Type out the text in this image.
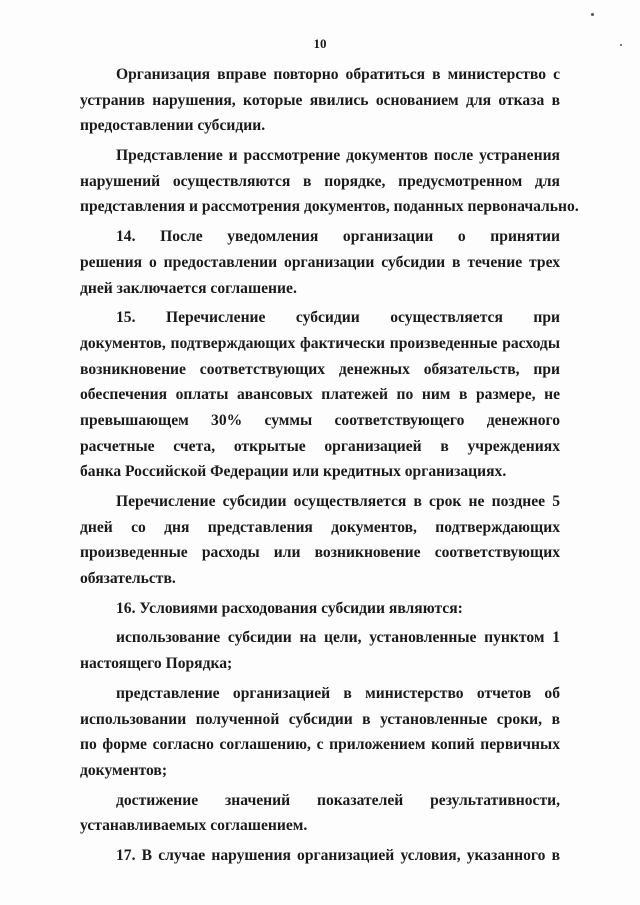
10
Организация вправе повторно обратиться в министерство с
устранив нарушения, которые явились основанием для отказа в
предоставлении субсидии.
Представление и рассмотрение документов после устранения
нарушений осуществляются в порядке, предусмотренном для
представления и рассмотрения документов, поданных первоначально.
14. После уведомления организации о принятии
решения о предоставлении организации субсидии в течение трех
дней заключается соглашение.
15. Перечисление субсидии осуществляется при
документов, подтверждающих фактически произведенные расходы
возникновение соответствующих денежных обязательств, при
обеспечения оплаты авансовых платежей по ним в размере, не
превышающем 30% суммы соответствующего денежного
расчетные счета, открытые организацией в учреждениях
банка Российской Федерации или кредитных организациях.
Перечисление субсидии осуществляется в срок не позднее 5
дней со дня представления документов, подтверждающих
произведенные расходы или возникновение соответствующих
обязательств.
16. Условиями расходования субсидии являются:
использование субсидии на цели, установленные пунктом 1
настоящего Порядка;
представление организацией в министерство отчетов об
использовании полученной субсидии в установленные сроки, в
по форме согласно соглашению, с приложением копий первичных
документов;
достижение значений показателей результативности,
устанавливаемых соглашением.
17. В случае нарушения организацией условия, указанного в
